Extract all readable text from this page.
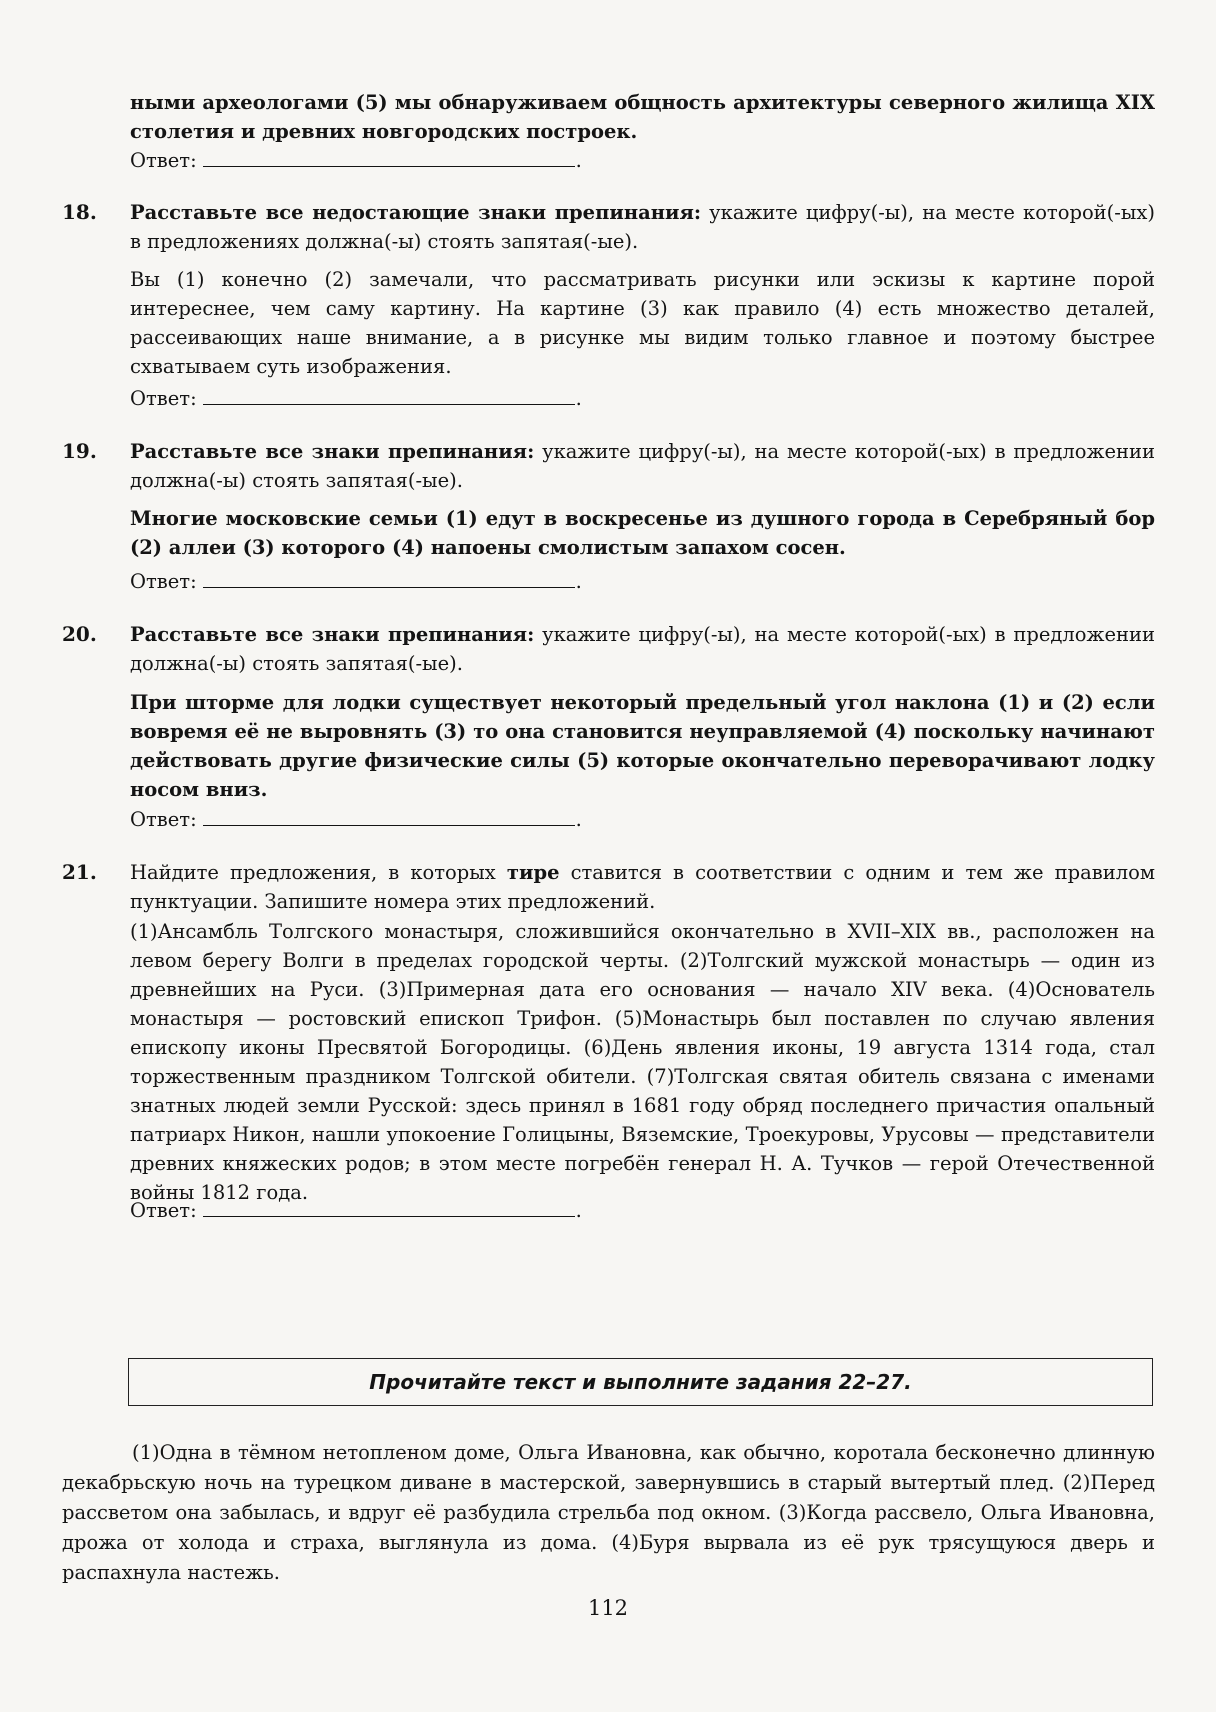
ными археологами (5) мы обнаруживаем общность архитектуры северного жилища XIX столетия и древних новгородских построек.

Ответ:	.
18. Расставьте все недостающие знаки препинания: укажите цифру(-ы), на месте которой(-ых) в предложениях должна(-ы) стоять запятая(-ые).

Вы (1) конечно (2) замечали, что рассматривать рисунки или эскизы к картине порой интереснее, чем саму картину. На картине (3) как правило (4) есть множество деталей, рассеивающих наше внимание, а в рисунке мы видим только главное и поэтому быстрее схватываем суть изображения.

Ответ:	.
19. Расставьте все знаки препинания: укажите цифру(-ы), на месте которой(-ых) в предложении должна(-ы) стоять запятая(-ые).

Многие московские семьи (1) едут в воскресенье из душного города в Серебряный бор (2) аллеи (3) которого (4) напоены смолистым запахом сосен.

Ответ:	.
20. Расставьте все знаки препинания: укажите цифру(-ы), на месте которой(-ых) в предложении должна(-ы) стоять запятая(-ые).

При шторме для лодки существует некоторый предельный угол наклона (1) и (2) если вовремя её не выровнять (3) то она становится неуправляемой (4) поскольку начинают действовать другие физические силы (5) которые окончательно переворачивают лодку носом вниз.

Ответ:	.
21. Найдите предложения, в которых тире ставится в соответствии с одним и тем же правилом пунктуации. Запишите номера этих предложений.

(1)Ансамбль Толгского монастыря, сложившийся окончательно в XVII–XIX вв., расположен на левом берегу Волги в пределах городской черты. (2)Толгский мужской монастырь — один из древнейших на Руси. (3)Примерная дата его основания — начало XIV века. (4)Основатель монастыря — ростовский епископ Трифон. (5)Монастырь был поставлен по случаю явления епископу иконы Пресвятой Богородицы. (6)День явления иконы, 19 августа 1314 года, стал торжественным праздником Толгской обители. (7)Толгская святая обитель связана с именами знатных людей земли Русской: здесь принял в 1681 году обряд последнего причастия опальный патриарх Никон, нашли упокоение Голицыны, Вяземские, Троекуровы, Урусовы — представители древних княжеских родов; в этом месте погребён генерал Н. А. Тучков — герой Отечественной войны 1812 года.

Ответ:	.
Прочитайте текст и выполните задания 22–27.

(1)Одна в тёмном нетопленом доме, Ольга Ивановна, как обычно, коротала бесконечно длинную декабрьскую ночь на турецком диване в мастерской, завернувшись в старый вытертый плед. (2)Перед рассветом она забылась, и вдруг её разбудила стрельба под окном. (3)Когда рассвело, Ольга Ивановна, дрожа от холода и страха, выглянула из дома. (4)Буря вырвала из её рук трясущуюся дверь и распахнула настежь.

112
